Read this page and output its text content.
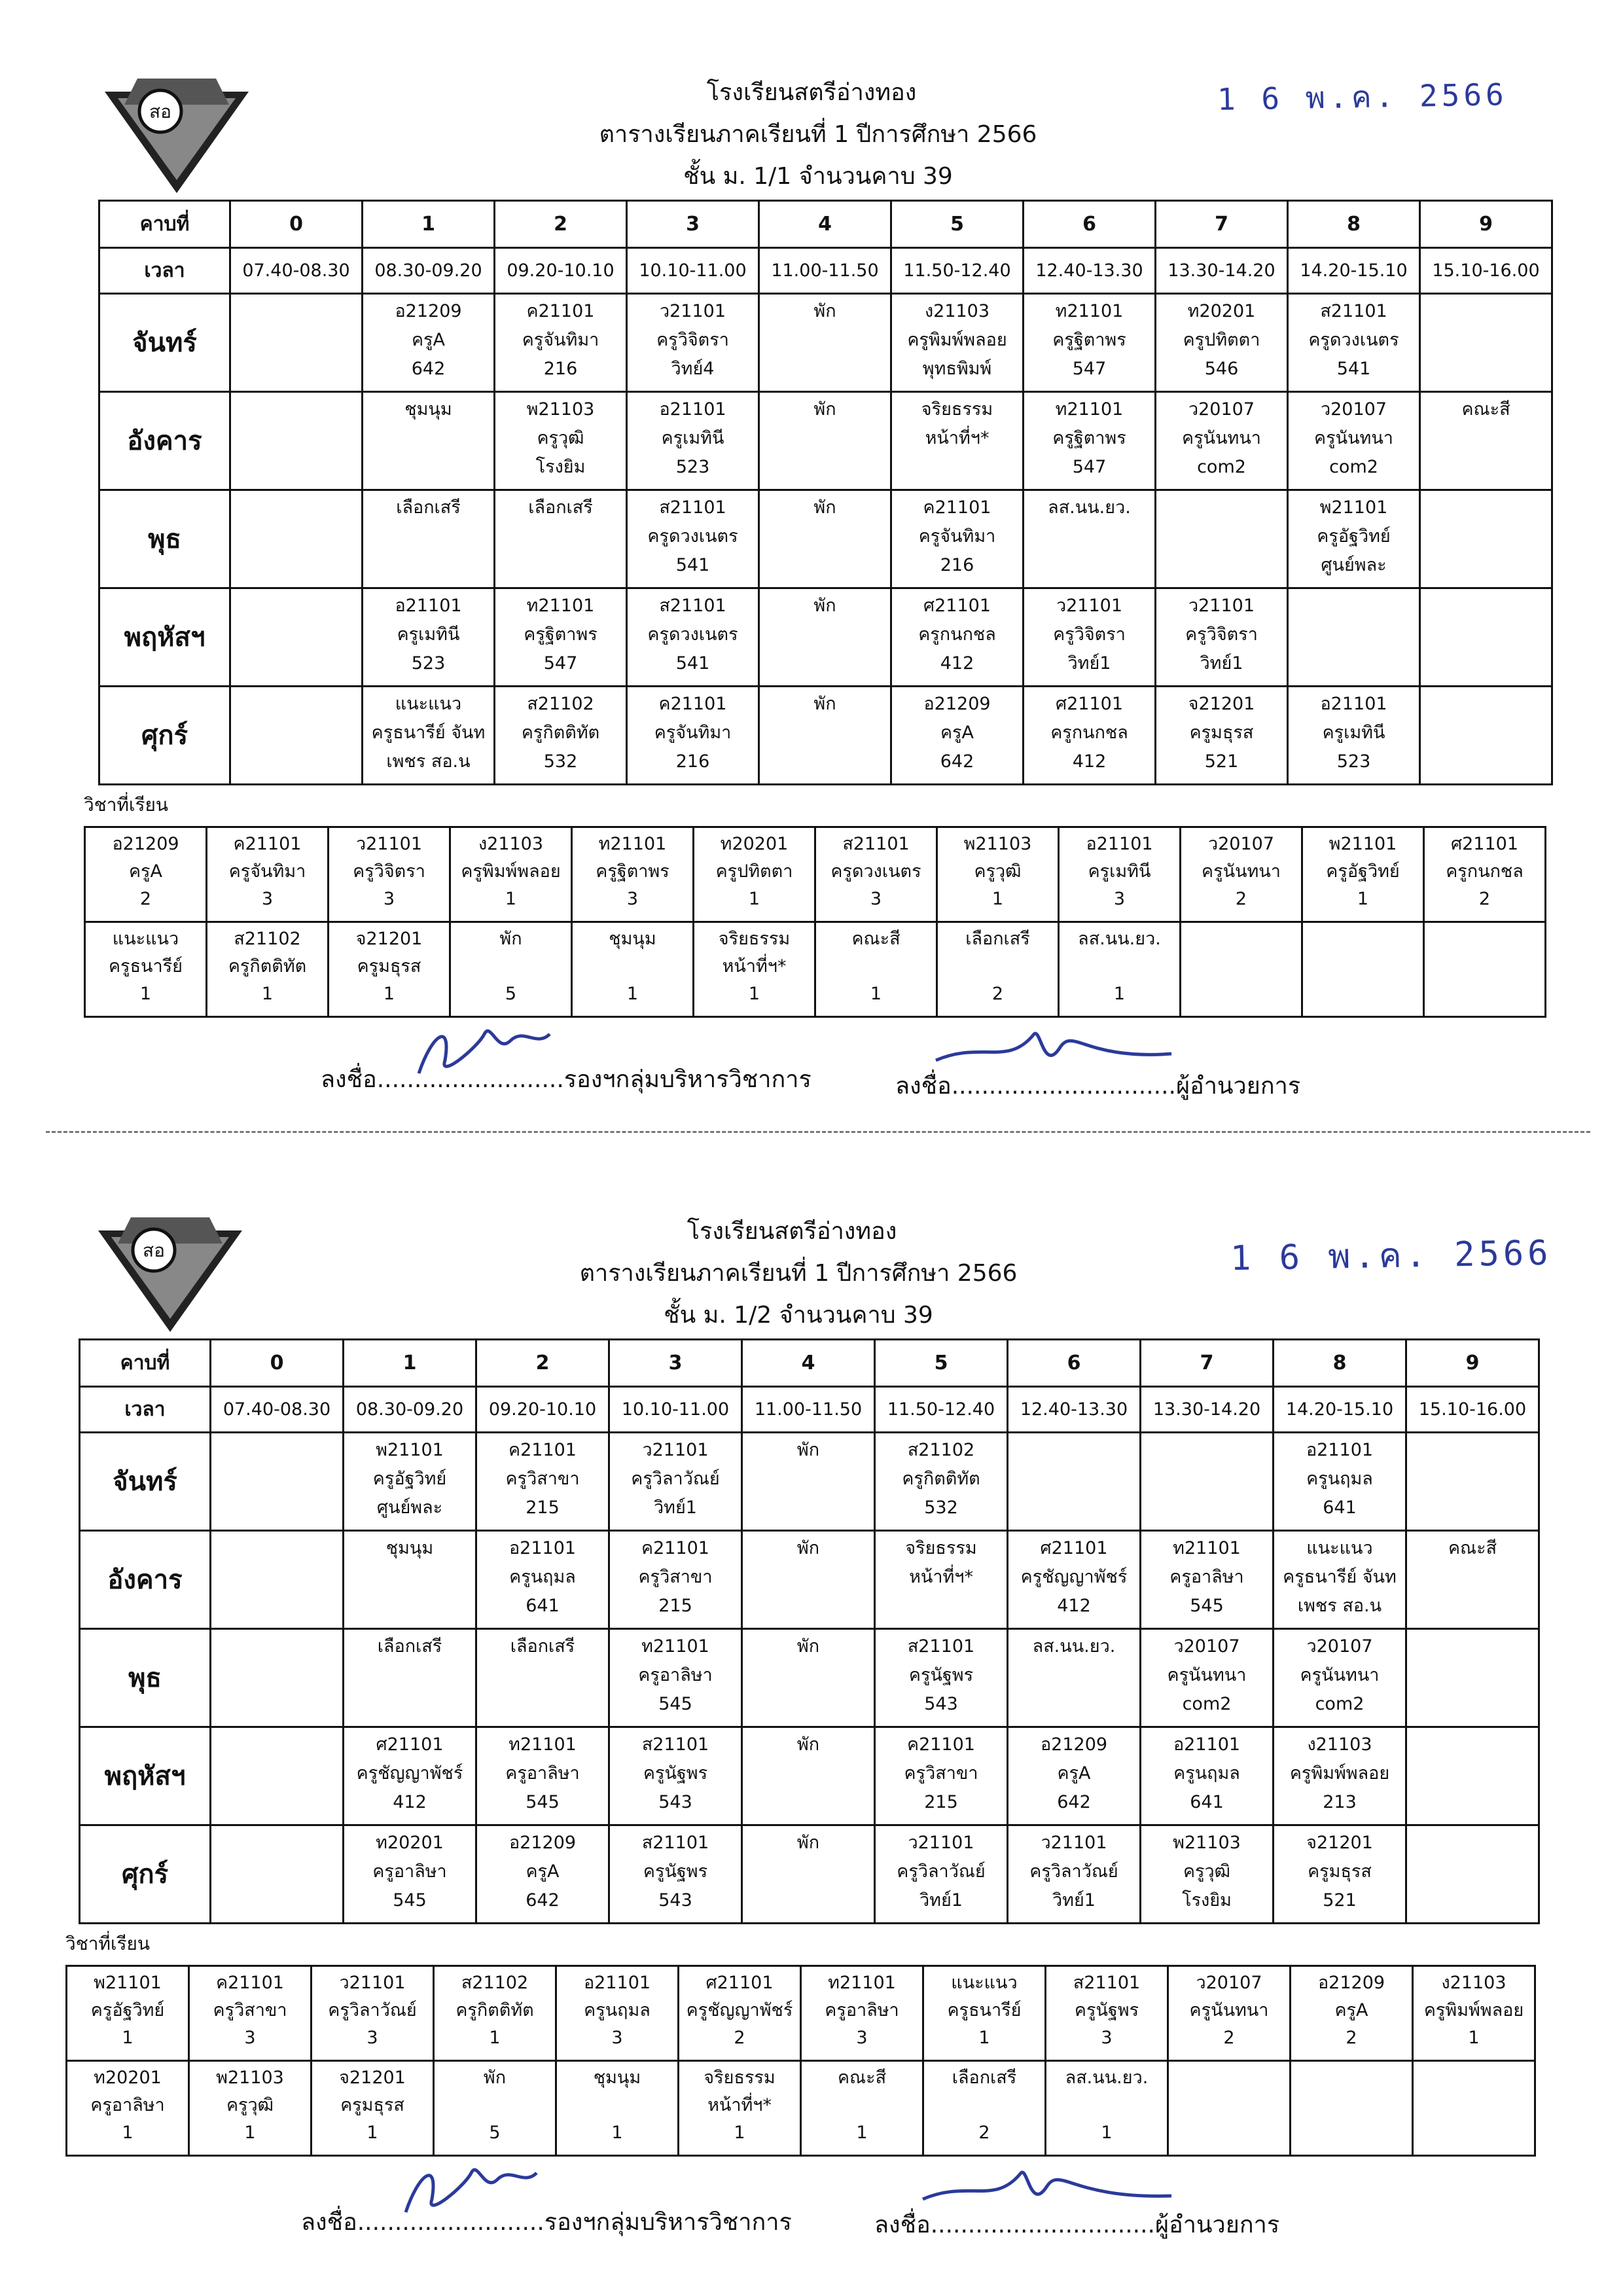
สอ
โรงเรียนสตรีอ่างทอง
ตารางเรียนภาคเรียนที่ 1 ปีการศึกษา 2566
ชั้น ม. 1/1 จำนวนคาบ 39
1 6 พ.ค. 2566
คาบที่	0	1	2	3	4	5	6	7	8	9
เวลา	07.40-08.30	08.30-09.20	09.20-10.10	10.10-11.00	11.00-11.50	11.50-12.40	12.40-13.30	13.30-14.20	14.20-15.10	15.10-16.00
จันทร์		อ21209
ครูA
642	ค21101
ครูจันทิมา
216	ว21101
ครูวิจิตรา
วิทย์4	พัก	ง21103
ครูพิมพ์พลอย
พุทธพิมพ์	ท21101
ครูฐิตาพร
547	ท20201
ครูปทิตตา
546	ส21101
ครูดวงเนตร
541	
อังคาร		ชุมนุม	พ21103
ครูวุฒิ
โรงยิม	อ21101
ครูเมทินี
523	พัก	จริยธรรม
หน้าที่ฯ*	ท21101
ครูฐิตาพร
547	ว20107
ครูนันทนา
com2	ว20107
ครูนันทนา
com2	คณะสี
พุธ		เลือกเสรี	เลือกเสรี	ส21101
ครูดวงเนตร
541	พัก	ค21101
ครูจันทิมา
216	ลส.นน.ยว.		พ21101
ครูอัฐวิทย์
ศูนย์พละ	
พฤหัสฯ		อ21101
ครูเมทินี
523	ท21101
ครูฐิตาพร
547	ส21101
ครูดวงเนตร
541	พัก	ศ21101
ครูกนกชล
412	ว21101
ครูวิจิตรา
วิทย์1	ว21101
ครูวิจิตรา
วิทย์1		
ศุกร์		แนะแนว
ครูธนารีย์ จันท
เพชร สอ.น	ส21102
ครูกิตติทัต
532	ค21101
ครูจันทิมา
216	พัก	อ21209
ครูA
642	ศ21101
ครูกนกชล
412	จ21201
ครูมธุรส
521	อ21101
ครูเมทินี
523	
วิชาที่เรียน
อ21209
ครูA
2	ค21101
ครูจันทิมา
3	ว21101
ครูวิจิตรา
3	ง21103
ครูพิมพ์พลอย
1	ท21101
ครูฐิตาพร
3	ท20201
ครูปทิตตา
1	ส21101
ครูดวงเนตร
3	พ21103
ครูวุฒิ
1	อ21101
ครูเมทินี
3	ว20107
ครูนันทนา
2	พ21101
ครูอัฐวิทย์
1	ศ21101
ครูกนกชล
2
แนะแนว
ครูธนารีย์
1	ส21102
ครูกิตติทัต
1	จ21201
ครูมธุรส
1	พัก

5	ชุมนุม

1	จริยธรรม
หน้าที่ฯ*
1	คณะสี

1	เลือกเสรี

2	ลส.นน.ยว.

1			
ลงชื่อ.........................รองฯกลุ่มบริหารวิชาการ	ลงชื่อ..............................ผู้อำนวยการ
สอ
โรงเรียนสตรีอ่างทอง
ตารางเรียนภาคเรียนที่ 1 ปีการศึกษา 2566
ชั้น ม. 1/2 จำนวนคาบ 39
1 6 พ.ค. 2566
คาบที่	0	1	2	3	4	5	6	7	8	9
เวลา	07.40-08.30	08.30-09.20	09.20-10.10	10.10-11.00	11.00-11.50	11.50-12.40	12.40-13.30	13.30-14.20	14.20-15.10	15.10-16.00
จันทร์		พ21101
ครูอัฐวิทย์
ศูนย์พละ	ค21101
ครูวิสาขา
215	ว21101
ครูวิลาวัณย์
วิทย์1	พัก	ส21102
ครูกิตติทัต
532			อ21101
ครูนฤมล
641	
อังคาร		ชุมนุม	อ21101
ครูนฤมล
641	ค21101
ครูวิสาขา
215	พัก	จริยธรรม
หน้าที่ฯ*	ศ21101
ครูชัญญาพัชร์
412	ท21101
ครูอาลิษา
545	แนะแนว
ครูธนารีย์ จันท
เพชร สอ.น	คณะสี
พุธ		เลือกเสรี	เลือกเสรี	ท21101
ครูอาลิษา
545	พัก	ส21101
ครูนัฐพร
543	ลส.นน.ยว.	ว20107
ครูนันทนา
com2	ว20107
ครูนันทนา
com2	
พฤหัสฯ		ศ21101
ครูชัญญาพัชร์
412	ท21101
ครูอาลิษา
545	ส21101
ครูนัฐพร
543	พัก	ค21101
ครูวิสาขา
215	อ21209
ครูA
642	อ21101
ครูนฤมล
641	ง21103
ครูพิมพ์พลอย
213	
ศุกร์		ท20201
ครูอาลิษา
545	อ21209
ครูA
642	ส21101
ครูนัฐพร
543	พัก	ว21101
ครูวิลาวัณย์
วิทย์1	ว21101
ครูวิลาวัณย์
วิทย์1	พ21103
ครูวุฒิ
โรงยิม	จ21201
ครูมธุรส
521	
วิชาที่เรียน
พ21101
ครูอัฐวิทย์
1	ค21101
ครูวิสาขา
3	ว21101
ครูวิลาวัณย์
3	ส21102
ครูกิตติทัต
1	อ21101
ครูนฤมล
3	ศ21101
ครูชัญญาพัชร์
2	ท21101
ครูอาลิษา
3	แนะแนว
ครูธนารีย์
1	ส21101
ครูนัฐพร
3	ว20107
ครูนันทนา
2	อ21209
ครูA
2	ง21103
ครูพิมพ์พลอย
1
ท20201
ครูอาลิษา
1	พ21103
ครูวุฒิ
1	จ21201
ครูมธุรส
1	พัก

5	ชุมนุม

1	จริยธรรม
หน้าที่ฯ*
1	คณะสี

1	เลือกเสรี

2	ลส.นน.ยว.

1			
ลงชื่อ.........................รองฯกลุ่มบริหารวิชาการ	ลงชื่อ..............................ผู้อำนวยการ
